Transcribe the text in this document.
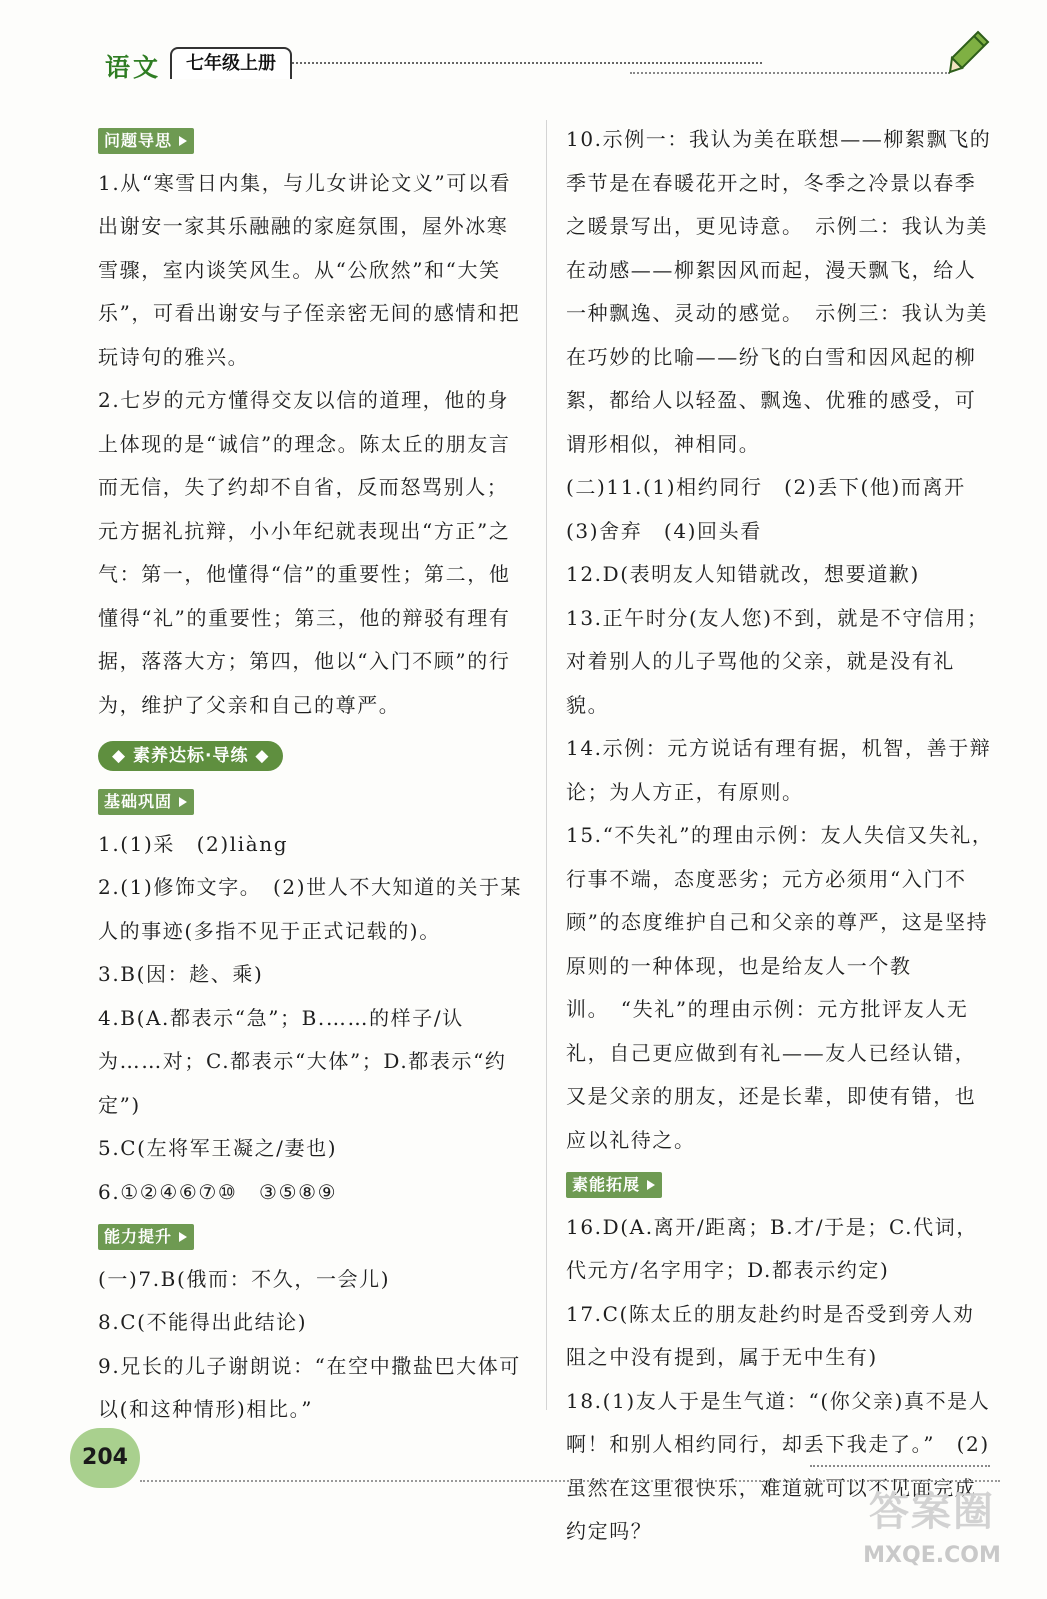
语文	七年级上册
问题导思

1.从“寒雪日内集，与儿女讲论文义”可以看出谢安一家其乐融融的家庭氛围，屋外冰寒雪骤，室内谈笑风生。从“公欣然”和“大笑乐”，可看出谢安与子侄亲密无间的感情和把玩诗句的雅兴。

2.七岁的元方懂得交友以信的道理，他的身上体现的是“诚信”的理念。陈太丘的朋友言而无信，失了约却不自省，反而怒骂别人；元方据礼抗辩，小小年纪就表现出“方正”之气：第一，他懂得“信”的重要性；第二，他懂得“礼”的重要性；第三，他的辩驳有理有据，落落大方；第四，他以“入门不顾”的行为，维护了父亲和自己的尊严。

◆ 素养达标·导练 ◆
基础巩固

1.(1)采　(2)liàng

2.(1)修饰文字。　(2)世人不大知道的关于某人的事迹(多指不见于正式记载的)。

3.B(因：趁、乘)

4.B(A.都表示“急”；B.……的样子/认为……对；C.都表示“大体”；D.都表示“约定”)

5.C(左将军王凝之/妻也)

6.①②④⑥⑦⑩　③⑤⑧⑨

能力提升

(一)7.B(俄而：不久，一会儿)

8.C(不能得出此结论)

9.兄长的儿子谢朗说：“在空中撒盐巴大体可以(和这种情形)相比。”

10.示例一：我认为美在联想——柳絮飘飞的季节是在春暖花开之时，冬季之冷景以春季之暖景写出，更见诗意。　示例二：我认为美在动感——柳絮因风而起，漫天飘飞，给人一种飘逸、灵动的感觉。　示例三：我认为美在巧妙的比喻——纷飞的白雪和因风起的柳絮，都给人以轻盈、飘逸、优雅的感受，可谓形相似，神相同。

(二)11.(1)相约同行　(2)丢下(他)而离开(3)舍弃　(4)回头看

12.D(表明友人知错就改，想要道歉)

13.正午时分(友人您)不到，就是不守信用；对着别人的儿子骂他的父亲，就是没有礼貌。

14.示例：元方说话有理有据，机智，善于辩论；为人方正，有原则。

15.“不失礼”的理由示例：友人失信又失礼，行事不端，态度恶劣；元方必须用“入门不顾”的态度维护自己和父亲的尊严，这是坚持原则的一种体现，也是给友人一个教训。　“失礼”的理由示例：元方批评友人无礼，自己更应做到有礼——友人已经认错，又是父亲的朋友，还是长辈，即使有错，也应以礼待之。

素能拓展

16.D(A.离开/距离；B.才/于是；C.代词，代元方/名字用字；D.都表示约定)

17.C(陈太丘的朋友赴约时是否受到旁人劝阻之中没有提到，属于无中生有)

18.(1)友人于是生气道：“(你父亲)真不是人啊！和别人相约同行，却丢下我走了。”　(2)虽然在这里很快乐，难道就可以不见面完成约定吗？

204
答案圈
MXQE.COM
